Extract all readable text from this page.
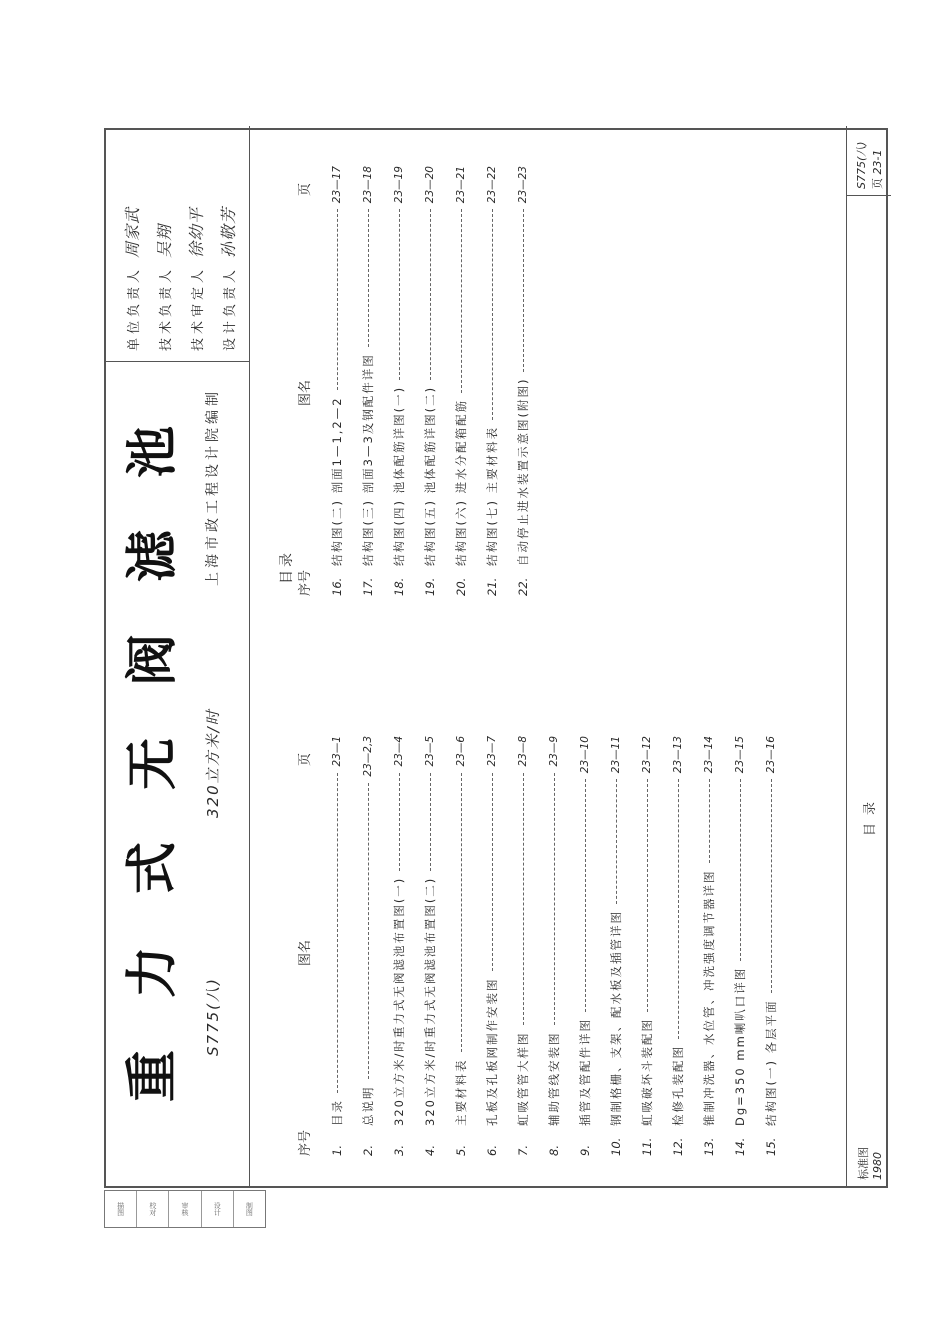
重力式无阀滤池 S775(八)
320立方米/时
上海市政工程设计院编制
单位负责人周家武
技术负责人吴翔
技术审定人徐幼平
设计负责人孙敬芳
目录
序号
图名
页
1.
目录
23—1
2.
总说明
23—2,3
3.
320立方米/时重力式无阀滤池布置图(一)
23—4
4.
320立方米/时重力式无阀滤池布置图(二)
23—5
5.
主要材料表
23—6
6.
孔板及孔板网制作安装图
23—7
7.
虹吸管管大样图
23—8
8.
辅助管线安装图
23—9
9.
插管及管配件详图
23—10
10.
钢制格栅、支架、配水板及插管详图
23—11
11.
虹吸破坏斗装配图
23—12
12.
检修孔装配图
23—13
13.
锥制冲洗器、水位管、冲洗强度调节器详图
23—14
14.
Dg=350 mm喇叭口详图
23—15
15.
结构图(一) 各层平面
23—16
序号
图名
页
16.
结构图(二) 剖面1—1,2—2
23—17
17.
结构图(三) 剖面3—3及钢配件详图
23—18
18.
结构图(四) 池体配筋详图(一)
23—19
19.
结构图(五) 池体配筋详图(二)
23—20
20.
结构图(六) 进水分配箱配筋
23—21
21.
结构图(七) 主要材料表
23—22
22.
自动停止进水装置示意图(附图)
23—23
标准图 1980
目录
S775(八) 页 23-1
描图	校对	审核	设计	制图
